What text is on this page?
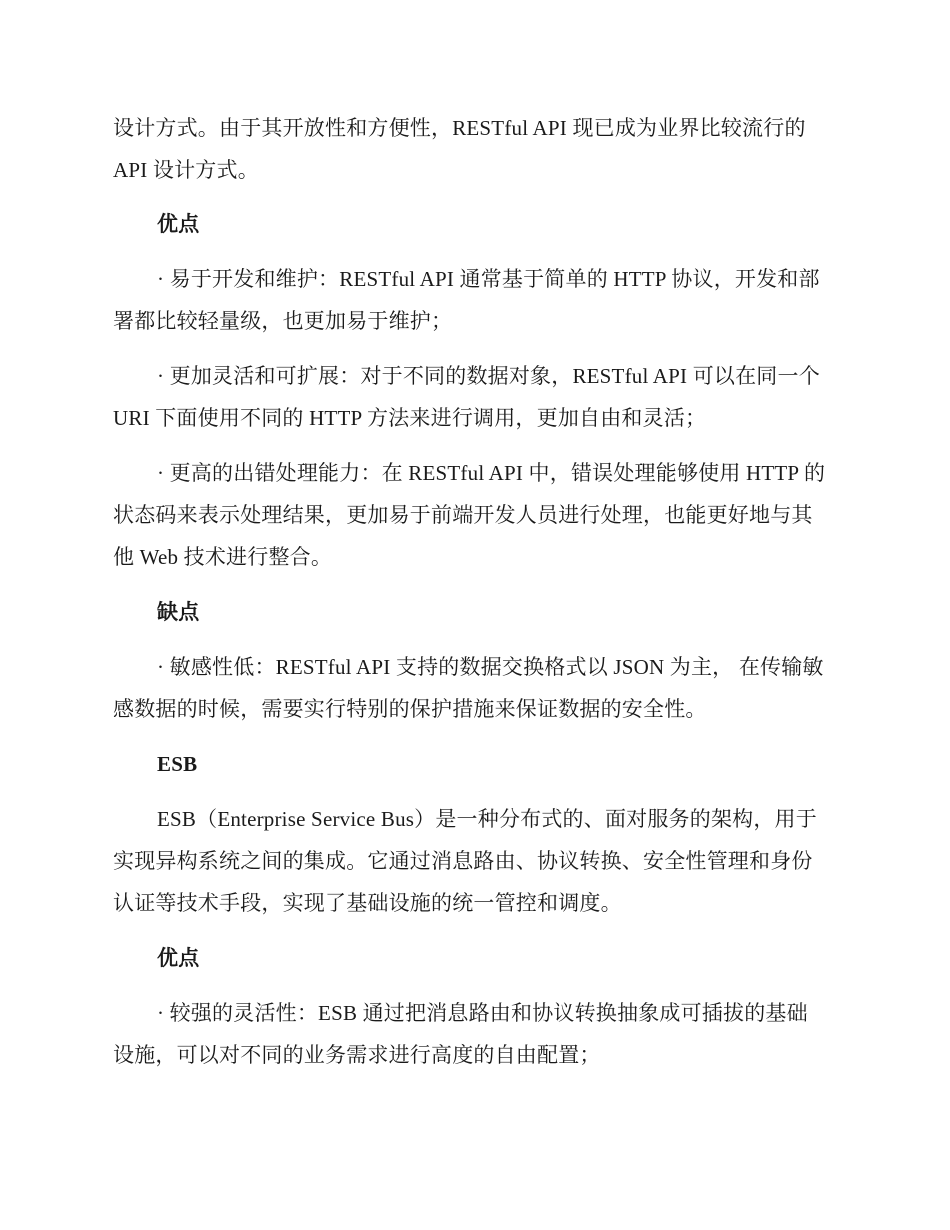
设计方式。由于其开放性和方便性，RESTful API 现已成为业界比较流行的
API 设计方式。
优点
· 易于开发和维护：RESTful API 通常基于简单的 HTTP 协议，开发和部
署都比较轻量级，也更加易于维护；
· 更加灵活和可扩展：对于不同的数据对象，RESTful API 可以在同一个
URI 下面使用不同的 HTTP 方法来进行调用，更加自由和灵活；
· 更高的出错处理能力：在 RESTful API 中，错误处理能够使用 HTTP 的
状态码来表示处理结果，更加易于前端开发人员进行处理，也能更好地与其
他 Web 技术进行整合。
缺点
· 敏感性低：RESTful API 支持的数据交换格式以 JSON 为主， 在传输敏
感数据的时候，需要实行特别的保护措施来保证数据的安全性。
ESB
ESB（Enterprise Service Bus）是一种分布式的、面对服务的架构，用于
实现异构系统之间的集成。它通过消息路由、协议转换、安全性管理和身份
认证等技术手段，实现了基础设施的统一管控和调度。
优点
· 较强的灵活性：ESB 通过把消息路由和协议转换抽象成可插拔的基础
设施，可以对不同的业务需求进行高度的自由配置；
